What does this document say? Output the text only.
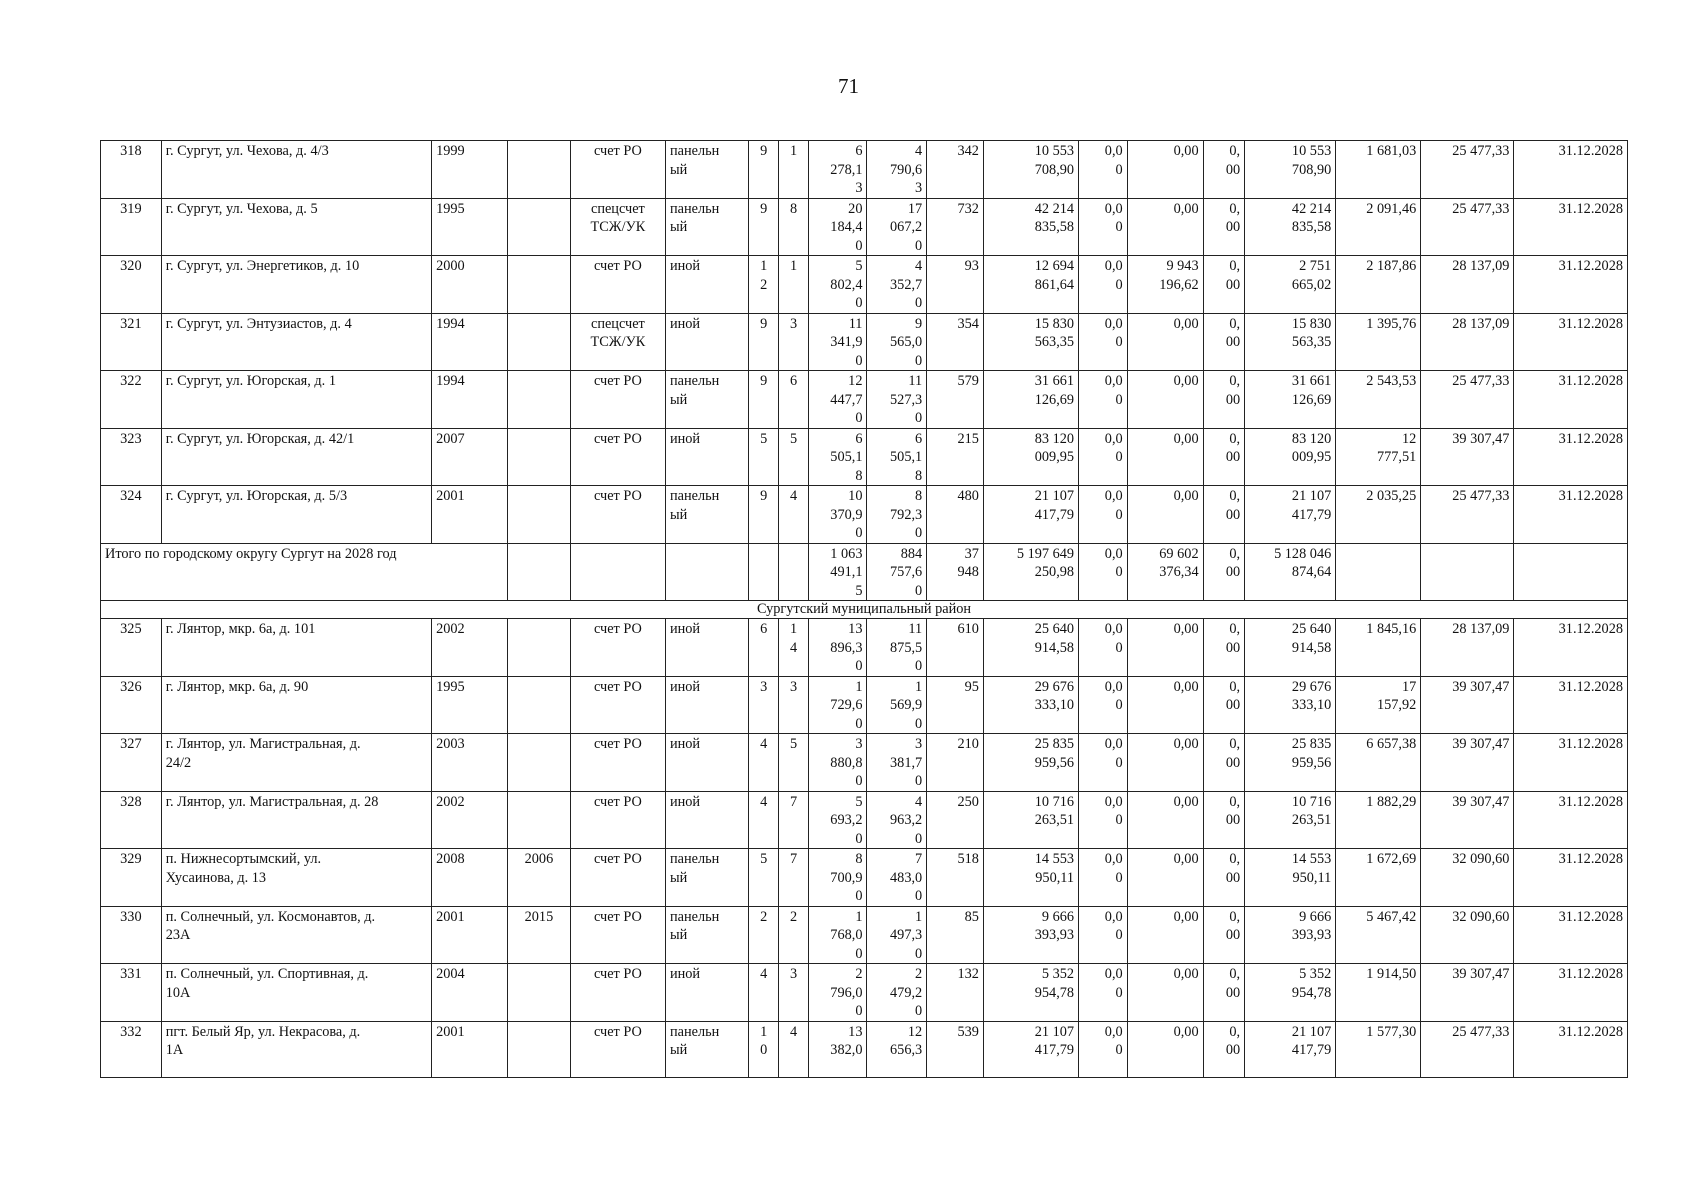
71
318	г. Сургут, ул. Чехова, д. 4/3	1999		счет РО	панельн
ый	9	1	6
278,1
3	4
790,6
3	342	10 553
708,90	0,0
0	0,00	0,
00	10 553
708,90	1 681,03	25 477,33	31.12.2028
319	г. Сургут, ул. Чехова, д. 5	1995		спецсчет
ТСЖ/УК	панельн
ый	9	8	20
184,4
0	17
067,2
0	732	42 214
835,58	0,0
0	0,00	0,
00	42 214
835,58	2 091,46	25 477,33	31.12.2028
320	г. Сургут, ул. Энергетиков, д. 10	2000		счет РО	иной	1
2	1	5
802,4
0	4
352,7
0	93	12 694
861,64	0,0
0	9 943
196,62	0,
00	2 751
665,02	2 187,86	28 137,09	31.12.2028
321	г. Сургут, ул. Энтузиастов, д. 4	1994		спецсчет
ТСЖ/УК	иной	9	3	11
341,9
0	9
565,0
0	354	15 830
563,35	0,0
0	0,00	0,
00	15 830
563,35	1 395,76	28 137,09	31.12.2028
322	г. Сургут, ул. Югорская, д. 1	1994		счет РО	панельн
ый	9	6	12
447,7
0	11
527,3
0	579	31 661
126,69	0,0
0	0,00	0,
00	31 661
126,69	2 543,53	25 477,33	31.12.2028
323	г. Сургут, ул. Югорская, д. 42/1	2007		счет РО	иной	5	5	6
505,1
8	6
505,1
8	215	83 120
009,95	0,0
0	0,00	0,
00	83 120
009,95	12
777,51	39 307,47	31.12.2028
324	г. Сургут, ул. Югорская, д. 5/3	2001		счет РО	панельн
ый	9	4	10
370,9
0	8
792,3
0	480	21 107
417,79	0,0
0	0,00	0,
00	21 107
417,79	2 035,25	25 477,33	31.12.2028
Итого по городскому округу Сургут на 2028 год								1 063
491,1
5	884
757,6
0	37
948	5 197 649
250,98	0,0
0	69 602
376,34	0,
00	5 128 046
874,64			
Сургутский муниципальный район																		
325	г. Лянтор, мкр. 6а, д. 101	2002		счет РО	иной	6	1
4	13
896,3
0	11
875,5
0	610	25 640
914,58	0,0
0	0,00	0,
00	25 640
914,58	1 845,16	28 137,09	31.12.2028
326	г. Лянтор, мкр. 6а, д. 90	1995		счет РО	иной	3	3	1
729,6
0	1
569,9
0	95	29 676
333,10	0,0
0	0,00	0,
00	29 676
333,10	17
157,92	39 307,47	31.12.2028
327	г. Лянтор, ул. Магистральная, д.
24/2	2003		счет РО	иной	4	5	3
880,8
0	3
381,7
0	210	25 835
959,56	0,0
0	0,00	0,
00	25 835
959,56	6 657,38	39 307,47	31.12.2028
328	г. Лянтор, ул. Магистральная, д. 28	2002		счет РО	иной	4	7	5
693,2
0	4
963,2
0	250	10 716
263,51	0,0
0	0,00	0,
00	10 716
263,51	1 882,29	39 307,47	31.12.2028
329	п. Нижнесортымский, ул.
Хусаинова, д. 13	2008	2006	счет РО	панельн
ый	5	7	8
700,9
0	7
483,0
0	518	14 553
950,11	0,0
0	0,00	0,
00	14 553
950,11	1 672,69	32 090,60	31.12.2028
330	п. Солнечный, ул. Космонавтов, д.
23А	2001	2015	счет РО	панельн
ый	2	2	1
768,0
0	1
497,3
0	85	9 666
393,93	0,0
0	0,00	0,
00	9 666
393,93	5 467,42	32 090,60	31.12.2028
331	п. Солнечный, ул. Спортивная, д.
10А	2004		счет РО	иной	4	3	2
796,0
0	2
479,2
0	132	5 352
954,78	0,0
0	0,00	0,
00	5 352
954,78	1 914,50	39 307,47	31.12.2028
332	пгт. Белый Яр, ул. Некрасова, д.
1А	2001		счет РО	панельн
ый	1
0	4	13
382,0	12
656,3	539	21 107
417,79	0,0
0	0,00	0,
00	21 107
417,79	1 577,30	25 477,33	31.12.2028
